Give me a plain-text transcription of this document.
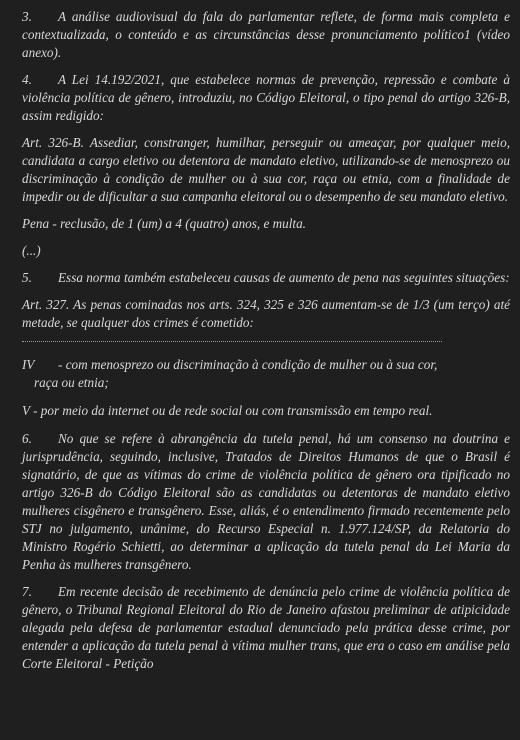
3. A análise audiovisual da fala do parlamentar reflete, de forma mais completa e contextualizada, o conteúdo e as circunstâncias desse pronunciamento político1 (vídeo anexo).

4. A Lei 14.192/2021, que estabelece normas de prevenção, repressão e combate à violência política de gênero, introduziu, no Código Eleitoral, o tipo penal do artigo 326-B, assim redigido:

Art. 326-B. Assediar, constranger, humilhar, perseguir ou ameaçar, por qualquer meio, candidata a cargo eletivo ou detentora de mandato eletivo, utilizando-se de menosprezo ou discriminação à condição de mulher ou à sua cor, raça ou etnia, com a finalidade de impedir ou de dificultar a sua campanha eleitoral ou o desempenho de seu mandato eletivo.

Pena - reclusão, de 1 (um) a 4 (quatro) anos, e multa.

(...)

5. Essa norma também estabeleceu causas de aumento de pena nas seguintes situações:

Art. 327. As penas cominadas nos arts. 324, 325 e 326 aumentam-se de 1/3 (um terço) até metade, se qualquer dos crimes é cometido:

IV - com menosprezo ou discriminação à condição de mulher ou à sua cor,
raça ou etnia;

V - por meio da internet ou de rede social ou com transmissão em tempo real.

6. No que se refere à abrangência da tutela penal, há um consenso na doutrina e jurisprudência, seguindo, inclusive, Tratados de Direitos Humanos de que o Brasil é signatário, de que as vítimas do crime de violência política de gênero ora tipificado no artigo 326-B do Código Eleitoral são as candidatas ou detentoras de mandato eletivo mulheres cisgênero e transgênero. Esse, aliás, é o entendimento firmado recentemente pelo STJ no julgamento, unânime, do Recurso Especial n. 1.977.124/SP, da Relatoria do Ministro Rogério Schietti, ao determinar a aplicação da tutela penal da Lei Maria da Penha às mulheres transgênero.

7. Em recente decisão de recebimento de denúncia pelo crime de violência política de gênero, o Tribunal Regional Eleitoral do Rio de Janeiro afastou preliminar de atipicidade alegada pela defesa de parlamentar estadual denunciado pela prática desse crime, por entender a aplicação da tutela penal à vítima mulher trans, que era o caso em análise pela Corte Eleitoral - Petição
